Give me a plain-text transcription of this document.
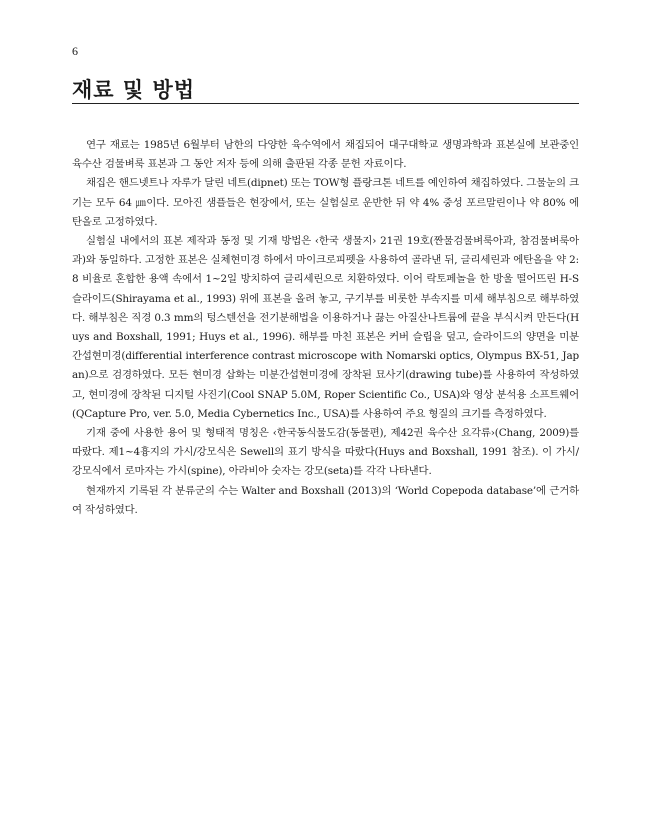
6
재료 및 방법

연구 재료는 1985년 6월부터 남한의 다양한 육수역에서 채집되어 대구대학교 생명과학과 표본실에 보관중인 육수산 검물벼룩 표본과 그 동안 저자 등에 의해 출판된 각종 문헌 자료이다.

채집은 핸드넷트나 자루가 달린 네트(dipnet) 또는 TOW형 플랑크톤 네트를 예인하여 채집하였다. 그물눈의 크기는 모두 64 ㎛이다. 모아진 샘플들은 현장에서, 또는 실험실로 운반한 뒤 약 4% 중성 포르말린이나 약 80% 에탄올로 고정하였다.

실험실 내에서의 표본 제작과 동정 및 기재 방법은 ‹한국 생물지› 21권 19호(짠물검물벼룩아과, 참검물벼룩아과)와 동일하다. 고정한 표본은 실체현미경 하에서 마이크로피펫을 사용하여 골라낸 뒤, 글리세린과 에탄올을 약 2:8 비율로 혼합한 용액 속에서 1~2일 방치하여 글리세린으로 치환하였다. 이어 락토페놀을 한 방울 떨어뜨린 H-S 슬라이드(Shirayama et al., 1993) 위에 표본을 올려 놓고, 구기부를 비롯한 부속지를 미세 해부침으로 해부하였다. 해부침은 직경 0.3 mm의 텅스텐선을 전기분해법을 이용하거나 끓는 아질산나트륨에 끝을 부식시켜 만든다(Huys and Boxshall, 1991; Huys et al., 1996). 해부를 마친 표본은 커버 슬립을 덮고, 슬라이드의 양면을 미분간섭현미경(differential interference contrast microscope with Nomarski optics, Olympus BX-51, Japan)으로 검경하였다. 모든 현미경 삽화는 미분간섭현미경에 장착된 묘사기(drawing tube)를 사용하여 작성하였고, 현미경에 장착된 디지털 사진기(Cool SNAP 5.0M, Roper Scientific Co., USA)와 영상 분석용 소프트웨어(QCapture Pro, ver. 5.0, Media Cybernetics Inc., USA)를 사용하여 주요 형질의 크기를 측정하였다.

기재 중에 사용한 용어 및 형태적 명칭은 ‹한국동식물도감(동물편), 제42권 육수산 요각류›(Chang, 2009)를 따랐다. 제1~4흉지의 가시/강모식은 Sewell의 표기 방식을 따랐다(Huys and Boxshall, 1991 참조). 이 가시/강모식에서 로마자는 가시(spine), 아라비아 숫자는 강모(seta)를 각각 나타낸다.

현재까지 기록된 각 분류군의 수는 Walter and Boxshall (2013)의 ‘World Copepoda database’에 근거하여 작성하였다.
